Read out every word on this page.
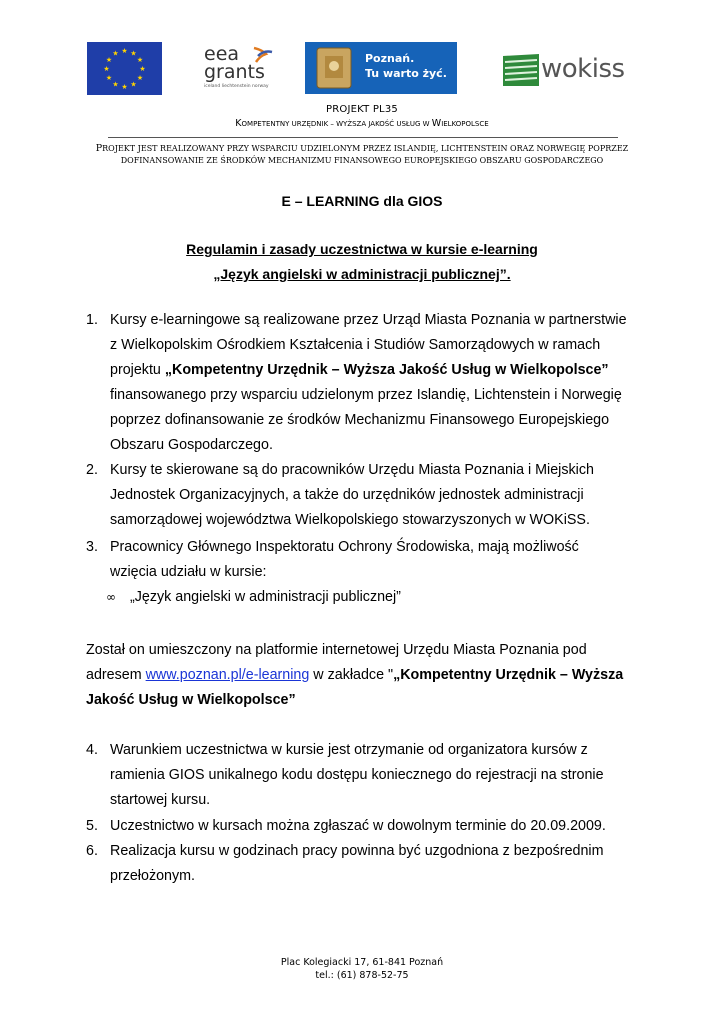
★ ★
★
★
★
★
★
★
★
★
★
★	eea
grants
iceland liechtenstein norway
Poznań.
Tu warto żyć.	wokiss
PROJEKT PL35
KOMPETENTNY URZĘDNIK – WYŻSZA JAKOŚĆ USŁUG W WIELKOPOLSCE
PROJEKT JEST REALIZOWANY PRZY WSPARCIU UDZIELONYM PRZEZ ISLANDIĘ, LICHTENSTEIN ORAZ NORWEGIĘ POPRZEZ
DOFINANSOWANIE ZE ŚRODKÓW MECHANIZMU FINANSOWEGO EUROPEJSKIEGO OBSZARU GOSPODARCZEGO
E – LEARNING dla GIOS
Regulamin i zasady uczestnictwa w kursie e-learning
„Język angielski w administracji publicznej”.
1. Kursy e-learningowe są realizowane przez Urząd Miasta Poznania w partnerstwie
z Wielkopolskim Ośrodkiem Kształcenia i Studiów Samorządowych w ramach
projektu „Kompetentny Urzędnik – Wyższa Jakość Usług w Wielkopolsce”
finansowanego przy wsparciu udzielonym przez Islandię, Lichtenstein i Norwegię
poprzez dofinansowanie ze środków Mechanizmu Finansowego Europejskiego
Obszaru Gospodarczego.
2. Kursy te skierowane są do pracowników Urzędu Miasta Poznania i Miejskich
Jednostek Organizacyjnych, a także do urzędników jednostek administracji
samorządowej województwa Wielkopolskiego stowarzyszonych w WOKiSS.
3. Pracownicy Głównego Inspektoratu Ochrony Środowiska, mają możliwość
wzięcia udziału w kursie:
∞ „Język angielski w administracji publicznej”
Został on umieszczony na platformie internetowej Urzędu Miasta Poznania pod
adresem www.poznan.pl/e-learning w zakładce "„Kompetentny Urzędnik – Wyższa
Jakość Usług w Wielkopolsce”
4. Warunkiem uczestnictwa w kursie jest otrzymanie od organizatora kursów z
ramienia GIOS unikalnego kodu dostępu koniecznego do rejestracji na stronie
startowej kursu.
5. Uczestnictwo w kursach można zgłaszać w dowolnym terminie do 20.09.2009.
6. Realizacja kursu w godzinach pracy powinna być uzgodniona z bezpośrednim
przełożonym.
Plac Kolegiacki 17, 61-841 Poznań
tel.: (61) 878-52-75
